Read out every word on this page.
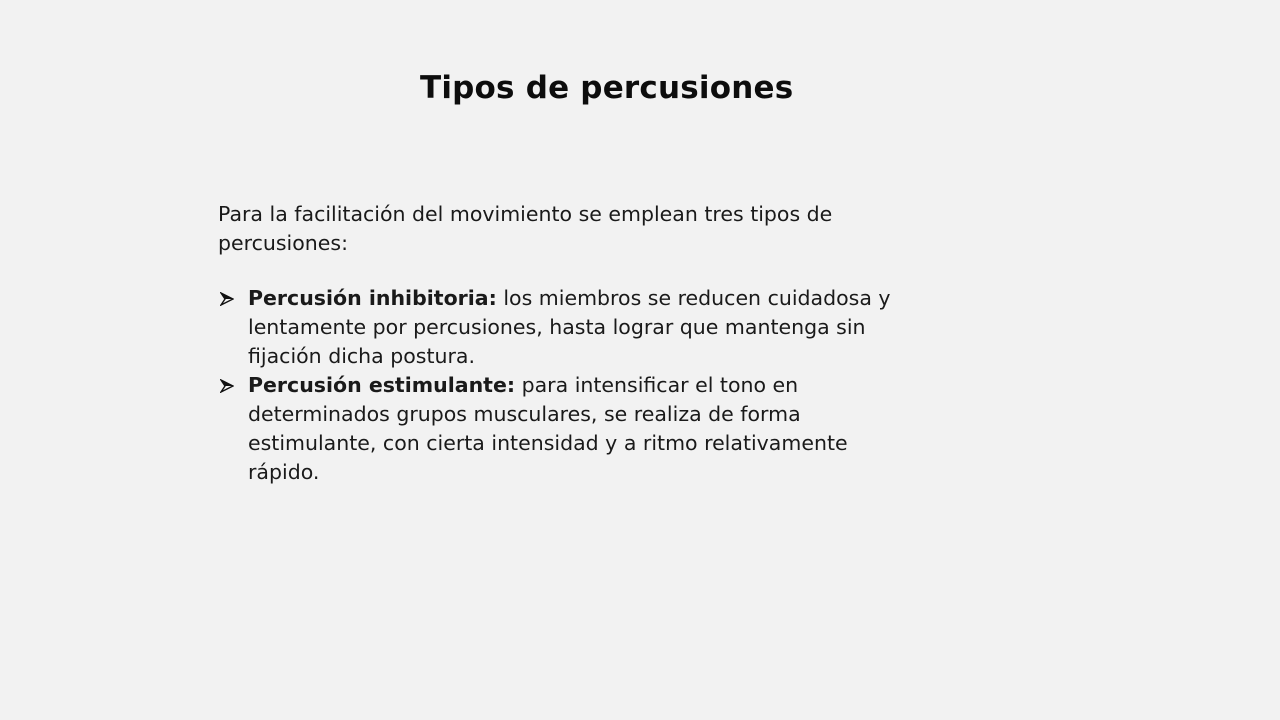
Tipos de percusiones

Para la facilitación del movimiento se emplean tres tipos de percusiones:

Percusión inhibitoria: los miembros se reducen cuidadosa y lentamente por percusiones, hasta lograr que mantenga sin fijación dicha postura.
Percusión estimulante: para intensificar el tono en determinados grupos musculares, se realiza de forma estimulante, con cierta intensidad y a ritmo relativamente rápido.
